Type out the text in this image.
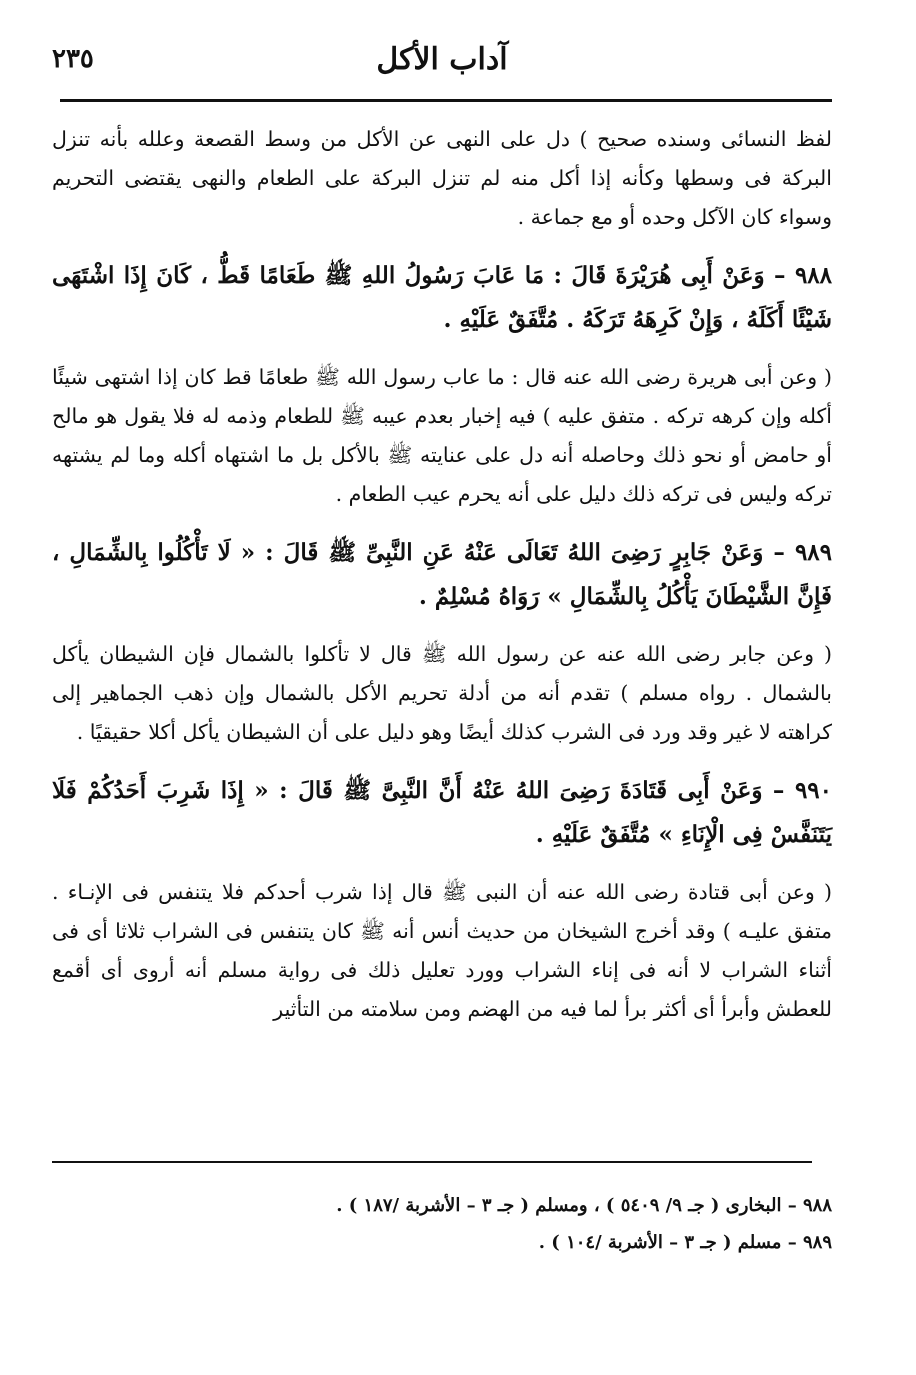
آداب الأكل
٢٣٥

لفظ النسائى وسنده صحيح ) دل على النهى عن الأكل من وسط القصعة وعلله بأنه تنزل البركة فى وسطها وكأنه إذا أكل منه لم تنزل البركة على الطعام والنهى يقتضى التحريم وسواء كان الآكل وحده أو مع جماعة .

٩٨٨ – وَعَنْ أَبِى هُرَيْرَةَ قَالَ : مَا عَابَ رَسُولُ اللهِ ﷺ طَعَامًا قَطُّ ، كَانَ إِذَا اشْتَهَى شَيْئًا أَكَلَهُ ، وَإِنْ كَرِهَهُ تَرَكَهُ . مُتَّفَقٌ عَلَيْهِ .

( وعن أبى هريرة رضى الله عنه قال : ما عاب رسول الله ﷺ طعامًا قط كان إذا اشتهى شيئًا أكله وإن كرهه تركه . متفق عليه ) فيه إخبار بعدم عيبه ﷺ للطعام وذمه له فلا يقول هو مالح أو حامض أو نحو ذلك وحاصله أنه دل على عنايته ﷺ بالأكل بل ما اشتهاه أكله وما لم يشتهه تركه وليس فى تركه ذلك دليل على أنه يحرم عيب الطعام .

٩٨٩ – وَعَنْ جَابِرٍ رَضِىَ اللهُ تَعَالَى عَنْهُ عَنِ النَّبِىِّ ﷺ قَالَ : « لَا تَأْكُلُوا بِالشِّمَالِ ، فَإِنَّ الشَّيْطَانَ يَأْكُلُ بِالشِّمَالِ » رَوَاهُ مُسْلِمٌ .

( وعن جابر رضى الله عنه عن رسول الله ﷺ قال لا تأكلوا بالشمال فإن الشيطان يأكل بالشمال . رواه مسلم ) تقدم أنه من أدلة تحريم الأكل بالشمال وإن ذهب الجماهير إلى كراهته لا غير وقد ورد فى الشرب كذلك أيضًا وهو دليل على أن الشيطان يأكل أكلا حقيقيًا .

٩٩٠ – وَعَنْ أَبِى قَتَادَةَ رَضِىَ اللهُ عَنْهُ أَنَّ النَّبِىَّ ﷺ قَالَ : « إِذَا شَرِبَ أَحَدُكُمْ فَلَا يَتَنَفَّسْ فِى الْإِنَاءِ » مُتَّفَقٌ عَلَيْهِ .

( وعن أبى قتادة رضى الله عنه أن النبى ﷺ قال إذا شرب أحدكم فلا يتنفس فى الإنـاء . متفق عليـه ) وقد أخرج الشيخان من حديث أنس أنه ﷺ كان يتنفس فى الشراب ثلاثا أى فى أثناء الشراب لا أنه فى إناء الشراب وورد تعليل ذلك فى رواية مسلم أنه أروى أى أقمع للعطش وأبرأ أى أكثر برأ لما فيه من الهضم ومن سلامته من التأثير

٩٨٨ – البخارى ( جـ ٩/ ٥٤٠٩ ) ، ومسلم ( جـ ٣ – الأشربة /١٨٧ ) .

٩٨٩ – مسلم ( جـ ٣ – الأشربة /١٠٤ ) .
